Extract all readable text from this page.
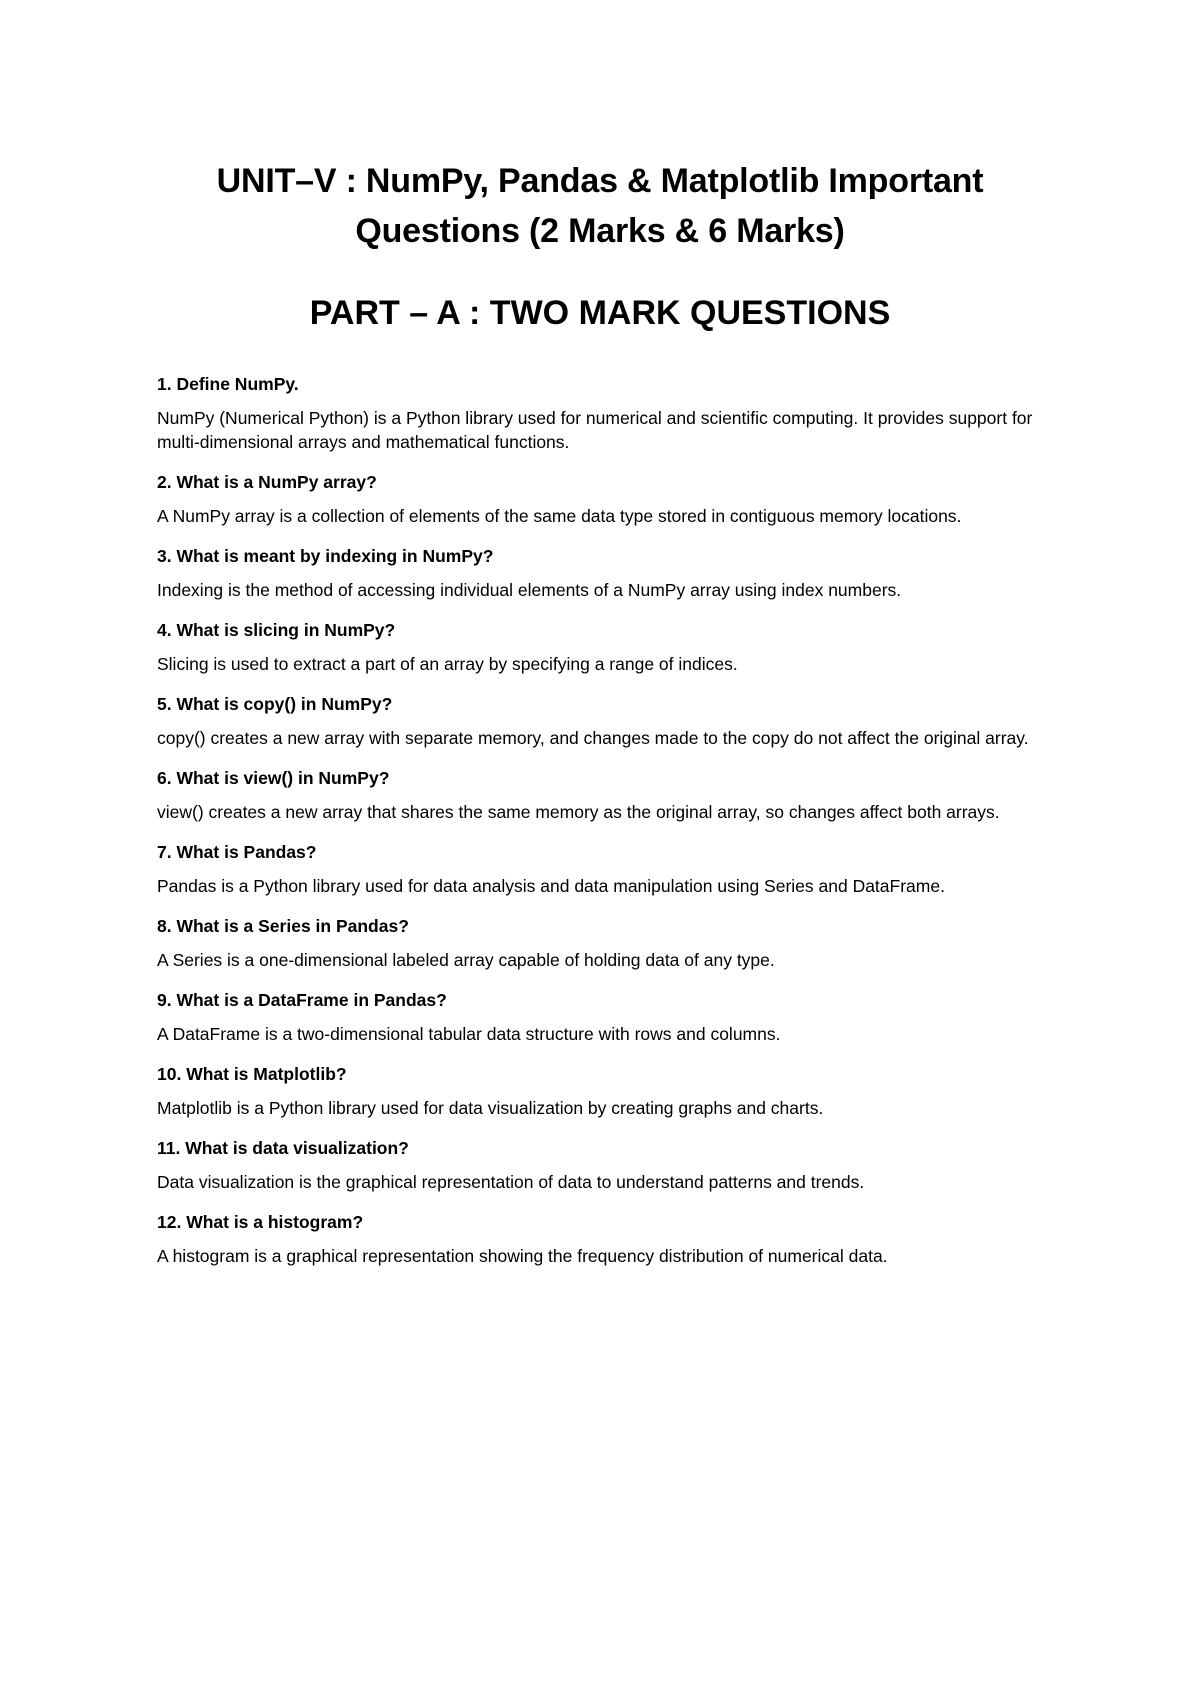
UNIT–V : NumPy, Pandas & Matplotlib Important
Questions (2 Marks & 6 Marks)
PART – A : TWO MARK QUESTIONS

1. Define NumPy.

NumPy (Numerical Python) is a Python library used for numerical and scientific computing. It provides support for multi-dimensional arrays and mathematical functions.

2. What is a NumPy array?

A NumPy array is a collection of elements of the same data type stored in contiguous memory locations.

3. What is meant by indexing in NumPy?

Indexing is the method of accessing individual elements of a NumPy array using index numbers.

4. What is slicing in NumPy?

Slicing is used to extract a part of an array by specifying a range of indices.

5. What is copy() in NumPy?

copy() creates a new array with separate memory, and changes made to the copy do not affect the original array.

6. What is view() in NumPy?

view() creates a new array that shares the same memory as the original array, so changes affect both arrays.

7. What is Pandas?

Pandas is a Python library used for data analysis and data manipulation using Series and DataFrame.

8. What is a Series in Pandas?

A Series is a one-dimensional labeled array capable of holding data of any type.

9. What is a DataFrame in Pandas?

A DataFrame is a two-dimensional tabular data structure with rows and columns.

10. What is Matplotlib?

Matplotlib is a Python library used for data visualization by creating graphs and charts.

11. What is data visualization?

Data visualization is the graphical representation of data to understand patterns and trends.

12. What is a histogram?

A histogram is a graphical representation showing the frequency distribution of numerical data.
